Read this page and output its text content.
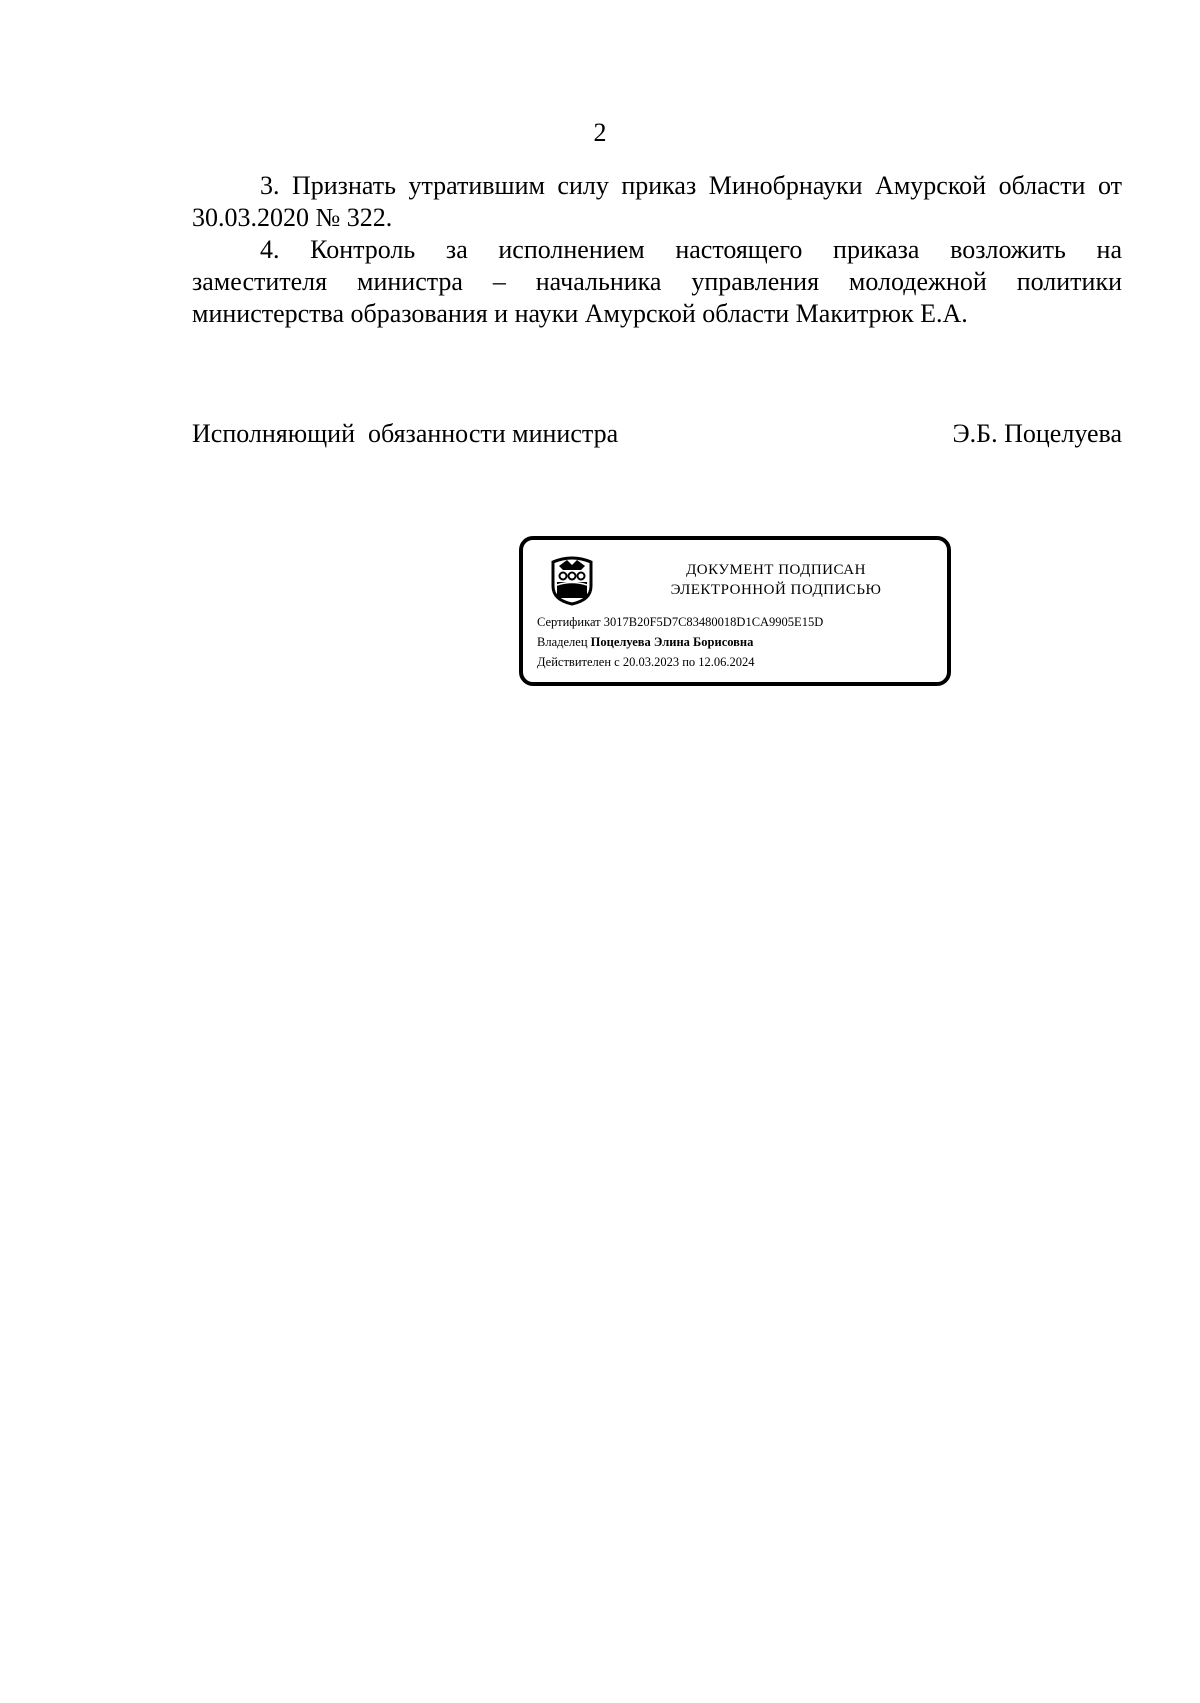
2

3. Признать утратившим силу приказ Минобрнауки Амурской области от
30.03.2020 № 322.

4. Контроль за исполнением настоящего приказа возложить на
заместителя министра – начальника управления молодежной политики
министерства образования и науки Амурской области Макитрюк Е.А.

Исполняющий  обязанности министра	Э.Б. Поцелуева
ДОКУМЕНТ ПОДПИСАН
ЭЛЕКТРОННОЙ ПОДПИСЬЮ
Сертификат 3017B20F5D7C83480018D1CA9905E15D
Владелец Поцелуева Элина Борисовна
Действителен с 20.03.2023 по 12.06.2024
